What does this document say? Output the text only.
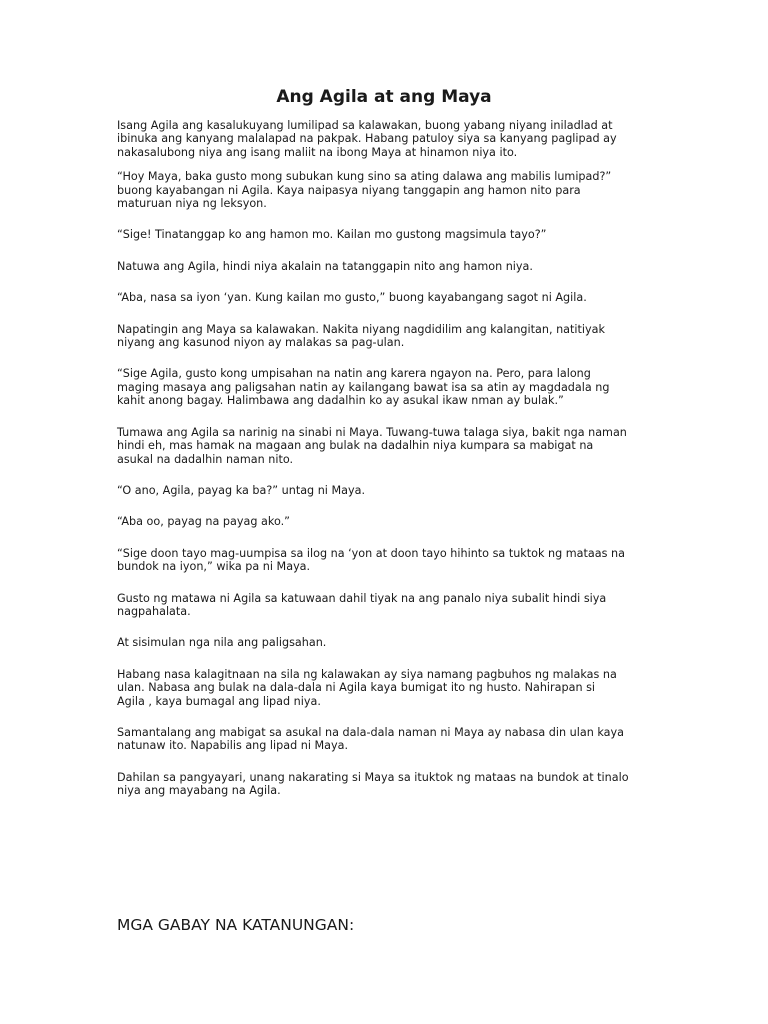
Ang Agila at ang Maya

Isang Agila ang kasalukuyang lumilipad sa kalawakan, buong yabang niyang iniladlad at
ibinuka ang kanyang malalapad na pakpak. Habang patuloy siya sa kanyang paglipad ay
nakasalubong niya ang isang maliit na ibong Maya at hinamon niya ito.

“Hoy Maya, baka gusto mong subukan kung sino sa ating dalawa ang mabilis lumipad?”
buong kayabangan ni Agila. Kaya naipasya niyang tanggapin ang hamon nito para
maturuan niya ng leksyon.

“Sige! Tinatanggap ko ang hamon mo. Kailan mo gustong magsimula tayo?”

Natuwa ang Agila, hindi niya akalain na tatanggapin nito ang hamon niya.

“Aba, nasa sa iyon ‘yan. Kung kailan mo gusto,” buong kayabangang sagot ni Agila.

Napatingin ang Maya sa kalawakan. Nakita niyang nagdidilim ang kalangitan, natitiyak
niyang ang kasunod niyon ay malakas sa pag-ulan.

“Sige Agila, gusto kong umpisahan na natin ang karera ngayon na. Pero, para lalong
maging masaya ang paligsahan natin ay kailangang bawat isa sa atin ay magdadala ng
kahit anong bagay. Halimbawa ang dadalhin ko ay asukal ikaw nman ay bulak.”

Tumawa ang Agila sa narinig na sinabi ni Maya. Tuwang-tuwa talaga siya, bakit nga naman
hindi eh, mas hamak na magaan ang bulak na dadalhin niya kumpara sa mabigat na
asukal na dadalhin naman nito.

“O ano, Agila, payag ka ba?” untag ni Maya.

“Aba oo, payag na payag ako.”

“Sige doon tayo mag-uumpisa sa ilog na ‘yon at doon tayo hihinto sa tuktok ng mataas na
bundok na iyon,” wika pa ni Maya.

Gusto ng matawa ni Agila sa katuwaan dahil tiyak na ang panalo niya subalit hindi siya
nagpahalata.

At sisimulan nga nila ang paligsahan.

Habang nasa kalagitnaan na sila ng kalawakan ay siya namang pagbuhos ng malakas na
ulan. Nabasa ang bulak na dala-dala ni Agila kaya bumigat ito ng husto. Nahirapan si
Agila , kaya bumagal ang lipad niya.

Samantalang ang mabigat sa asukal na dala-dala naman ni Maya ay nabasa din ulan kaya
natunaw ito. Napabilis ang lipad ni Maya.

Dahilan sa pangyayari, unang nakarating si Maya sa ituktok ng mataas na bundok at tinalo
niya ang mayabang na Agila.

MGA GABAY NA KATANUNGAN:
